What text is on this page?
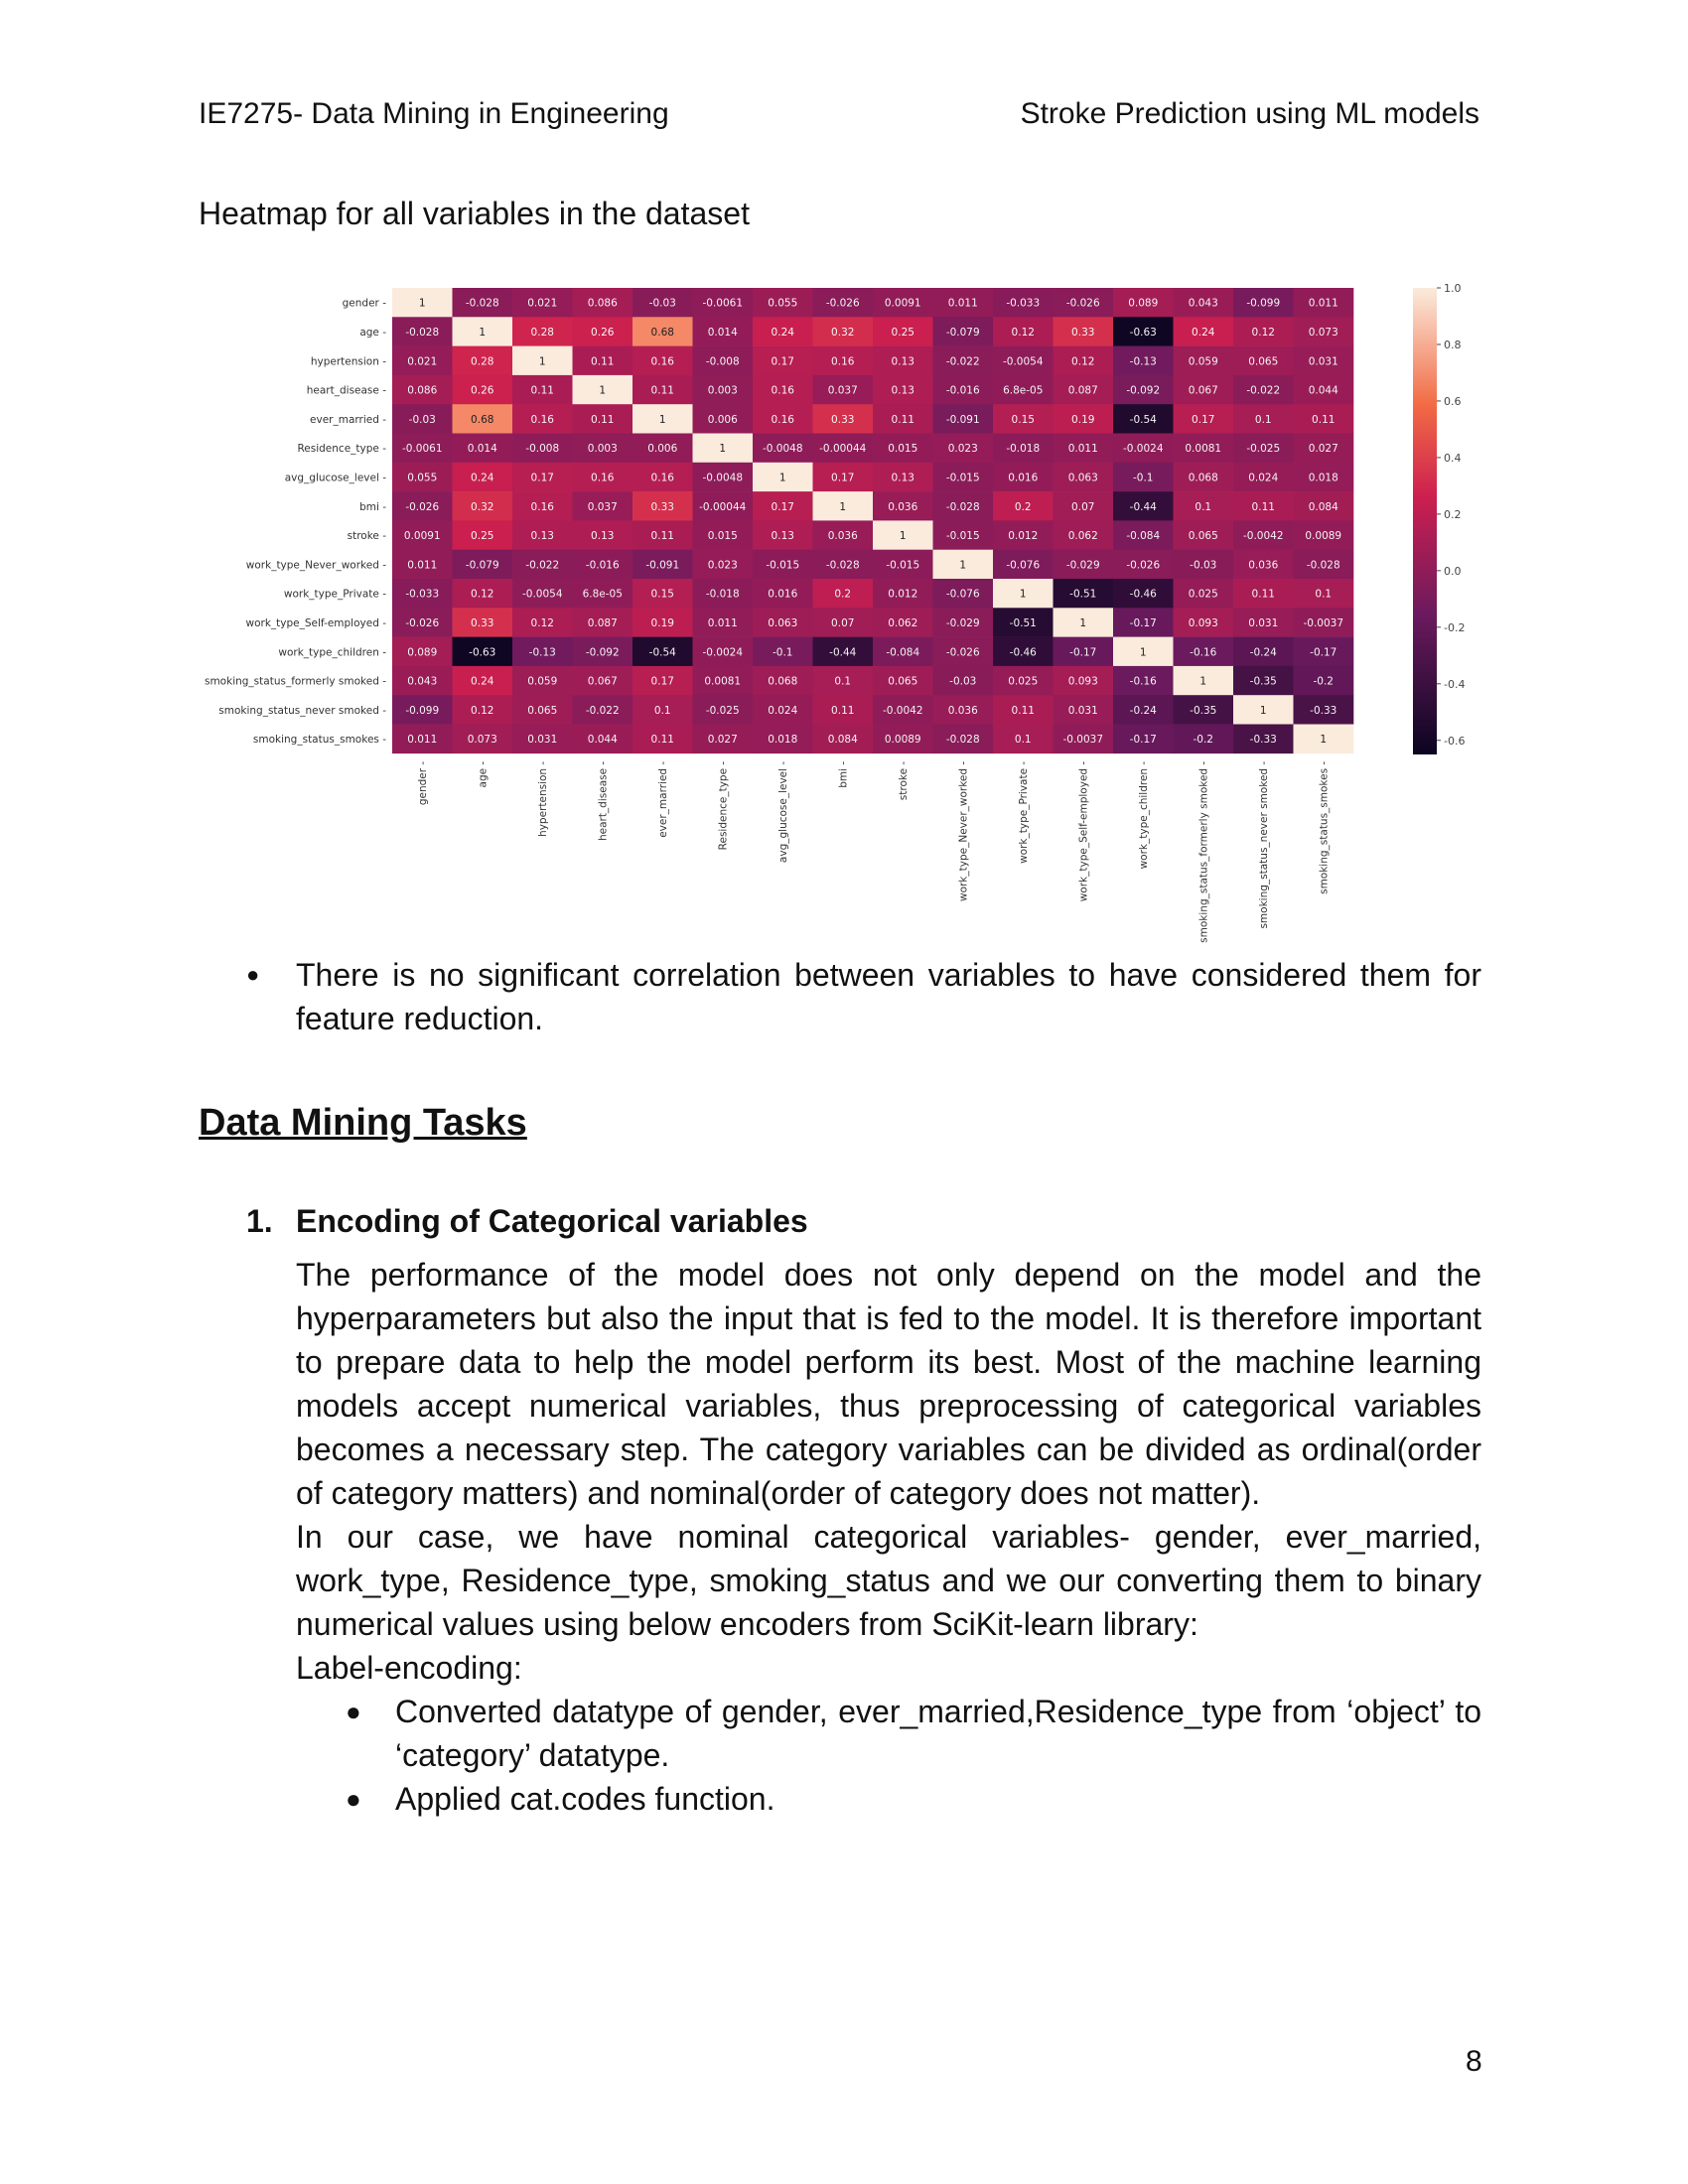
IE7275- Data Mining in Engineering	Stroke Prediction using ML models
Heatmap for all variables in the dataset
gender -
age -
hypertension -
heart_disease -
ever_married -
Residence_type -
avg_glucose_level -
bmi -
stroke -
work_type_Never_worked -
work_type_Private -
work_type_Self-employed -
work_type_children -
smoking_status_formerly smoked -
smoking_status_never smoked -
smoking_status_smokes -
1	-0.028	0.021	0.086	-0.03	-0.0061 0.055	-0.026 0.0091	0.011	-0.033	-0.026	0.089	0.043	-0.099	0.011
-0.028	1	0.28	0.26	0.68	0.014	0.24	0.32	0.25	-0.079	0.12	0.33	-0.63	0.24	0.12	0.073
0.021	0.28	1	0.11	0.16	-0.008	0.17	0.16	0.13	-0.022 -0.0054	0.12	-0.13	0.059	0.065	0.031
0.086	0.26	0.11	1	0.11	0.003	0.16	0.037	0.13	-0.016 6.8e-05 0.087	-0.092	0.067	-0.022	0.044
-0.03	0.68	0.16	0.11	1	0.006	0.16	0.33	0.11	-0.091	0.15	0.19	-0.54	0.17	0.1	0.11
-0.0061 0.014	-0.008	0.003	0.006	1	-0.0048 -0.00044 0.015	0.023	-0.018	0.011 -0.0024 0.0081 -0.025	0.027
0.055	0.24	0.17	0.16	0.16	-0.0048	1	0.17	0.13	-0.015	0.016	0.063	-0.1	0.068	0.024	0.018
-0.026	0.32	0.16	0.037	0.33 -0.00044 0.17	1	0.036	-0.028	0.2	0.07	-0.44	0.1	0.11	0.084
0.0091	0.25	0.13	0.13	0.11	0.015	0.13	0.036	1	-0.015	0.012	0.062	-0.084	0.065 -0.0042 0.0089
0.011	-0.079	-0.022	-0.016	-0.091	0.023	-0.015	-0.028	-0.015	1	-0.076	-0.029	-0.026	-0.03	0.036	-0.028
-0.033	0.12	-0.0054 6.8e-05	0.15	-0.018	0.016	0.2	0.012	-0.076	1	-0.51	-0.46	0.025	0.11	0.1
-0.026	0.33	0.12	0.087	0.19	0.011	0.063	0.07	0.062	-0.029	-0.51	1	-0.17	0.093	0.031 -0.0037
0.089	-0.63	-0.13	-0.092	-0.54	-0.0024	-0.1	-0.44	-0.084	-0.026	-0.46	-0.17	1	-0.16	-0.24	-0.17
0.043	0.24	0.059	0.067	0.17	0.0081	0.068	0.1	0.065	-0.03	0.025	0.093	-0.16	1	-0.35	-0.2
-0.099	0.12	0.065	-0.022	0.1	-0.025	0.024	0.11	-0.0042 0.036	0.11	0.031	-0.24	-0.35	1	-0.33
0.011	0.073	0.031	0.044	0.11	0.027	0.018	0.084	0.0089 -0.028	0.1	-0.0037	-0.17	-0.2	-0.33	1
gender -	age -	hypertension -	heart_disease -	ever_married -	Residence_type -	avg_glucose_level -	bmi -	stroke -	work_type_Never_worked -	work_type_Private -	work_type_Self-employed -	work_type_children -	smoking_status_formerly smoked -	smoking_status_never smoked -	smoking_status_smokes -
1.0
0.8
0.6
0.4
0.2
0.0
-0.2
-0.4
-0.6
● There is no significant correlation between variables to have considered them for feature reduction.
Data Mining Tasks
1. Encoding of Categorical variables

The performance of the model does not only depend on the model and the hyperparameters but also the input that is fed to the model. It is therefore important to prepare data to help the model perform its best. Most of the machine learning models accept numerical variables, thus preprocessing of categorical variables becomes a necessary step. The category variables can be divided as ordinal(order of category matters) and nominal(order of category does not matter).

In our case, we have nominal categorical variables- gender, ever_married, work_type, Residence_type, smoking_status and we our converting them to binary numerical values using below encoders from SciKit-learn library:

Label-encoding:

● Converted datatype of gender, ever_married,Residence_type from ‘object’ to ‘category’ datatype.

● Applied cat.codes function.

8
